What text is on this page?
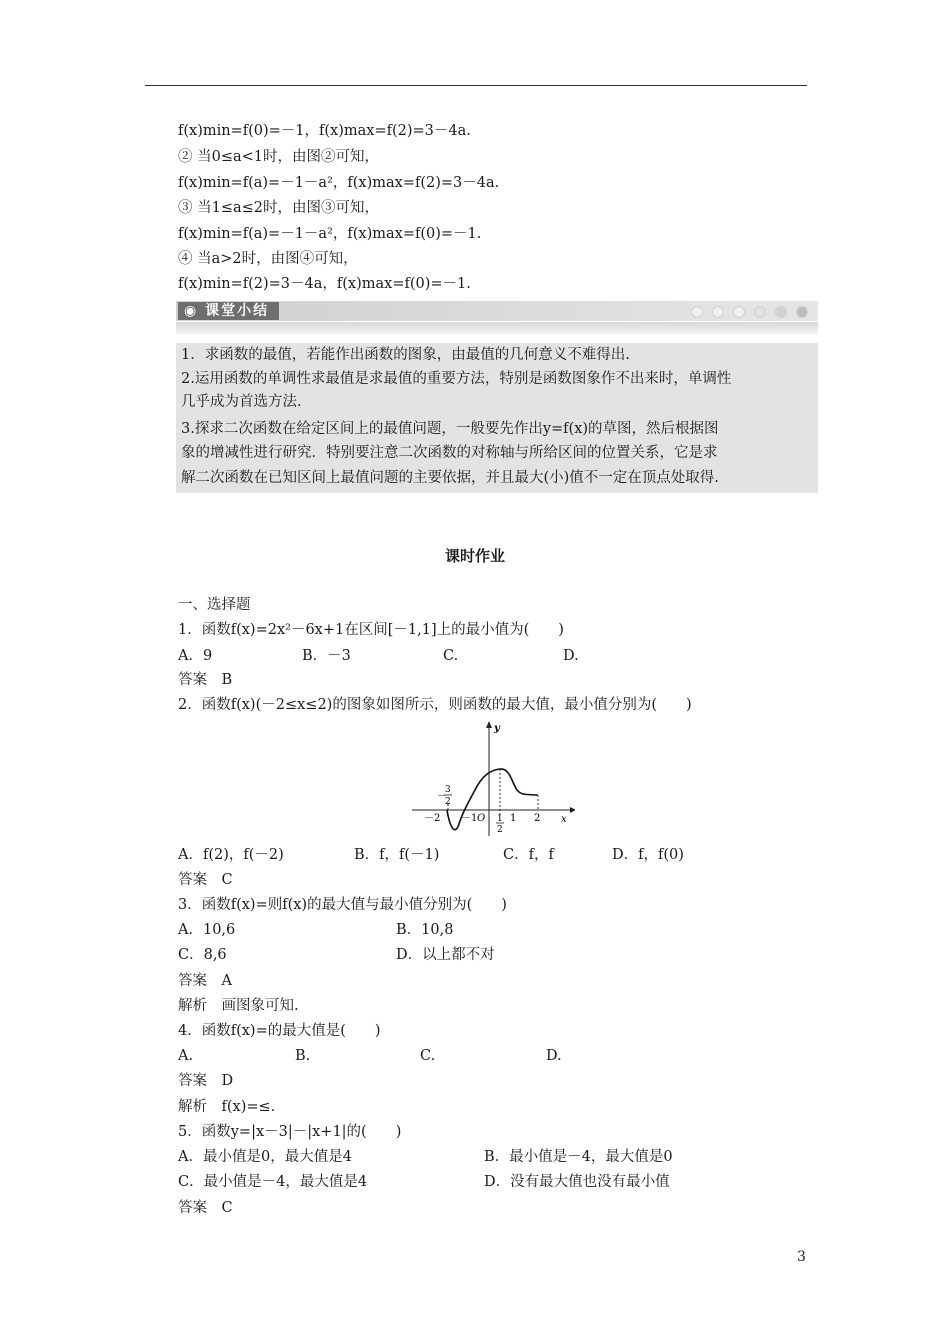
f(x)min=f(0)=－1，f(x)max=f(2)=3－4a.
② 当0≤a<1时，由图②可知，
f(x)min=f(a)=－1－a²，f(x)max=f(2)=3－4a.
③ 当1≤a≤2时，由图③可知，
f(x)min=f(a)=－1－a²，f(x)max=f(0)=－1.
④ 当a>2时，由图④可知，
f(x)min=f(2)=3－4a，f(x)max=f(0)=－1.
◉ 课堂小结
1．求函数的最值，若能作出函数的图象，由最值的几何意义不难得出.
2.运用函数的单调性求最值是求最值的重要方法，特别是函数图象作不出来时，单调性
几乎成为首选方法.
3.探求二次函数在给定区间上的最值问题，一般要先作出y=f(x)的草图，然后根据图
象的增减性进行研究．特别要注意二次函数的对称轴与所给区间的位置关系，它是求
解二次函数在已知区间上最值问题的主要依据，并且最大(小)值不一定在顶点处取得.
课时作业
一、选择题
1．函数f(x)=2x²－6x+1在区间[－1,1]上的最小值为(　　)
A．9	B．－3	C.	D.
答案　B
2．函数f(x)(－2≤x≤2)的图象如图所示，则函数的最大值，最小值分别为(　　)
y
x
－2 －1 O 1 2
－
3
2
1
2
A．f(2)，f(－2)	B．f，f(－1)	C．f，f	D．f，f(0)
答案　C
3．函数f(x)=则f(x)的最大值与最小值分别为(　　)
A．10,6	B．10,8
C．8,6	D．以上都不对
答案　A
解析　画图象可知.
4．函数f(x)=的最大值是(　　)
A.	B.	C.	D.
答案　D
解析　f(x)=≤.
5．函数y=|x－3|－|x+1|的(　　)
A．最小值是0，最大值是4	B．最小值是－4，最大值是0
C．最小值是－4，最大值是4	D．没有最大值也没有最小值
答案　C
3
